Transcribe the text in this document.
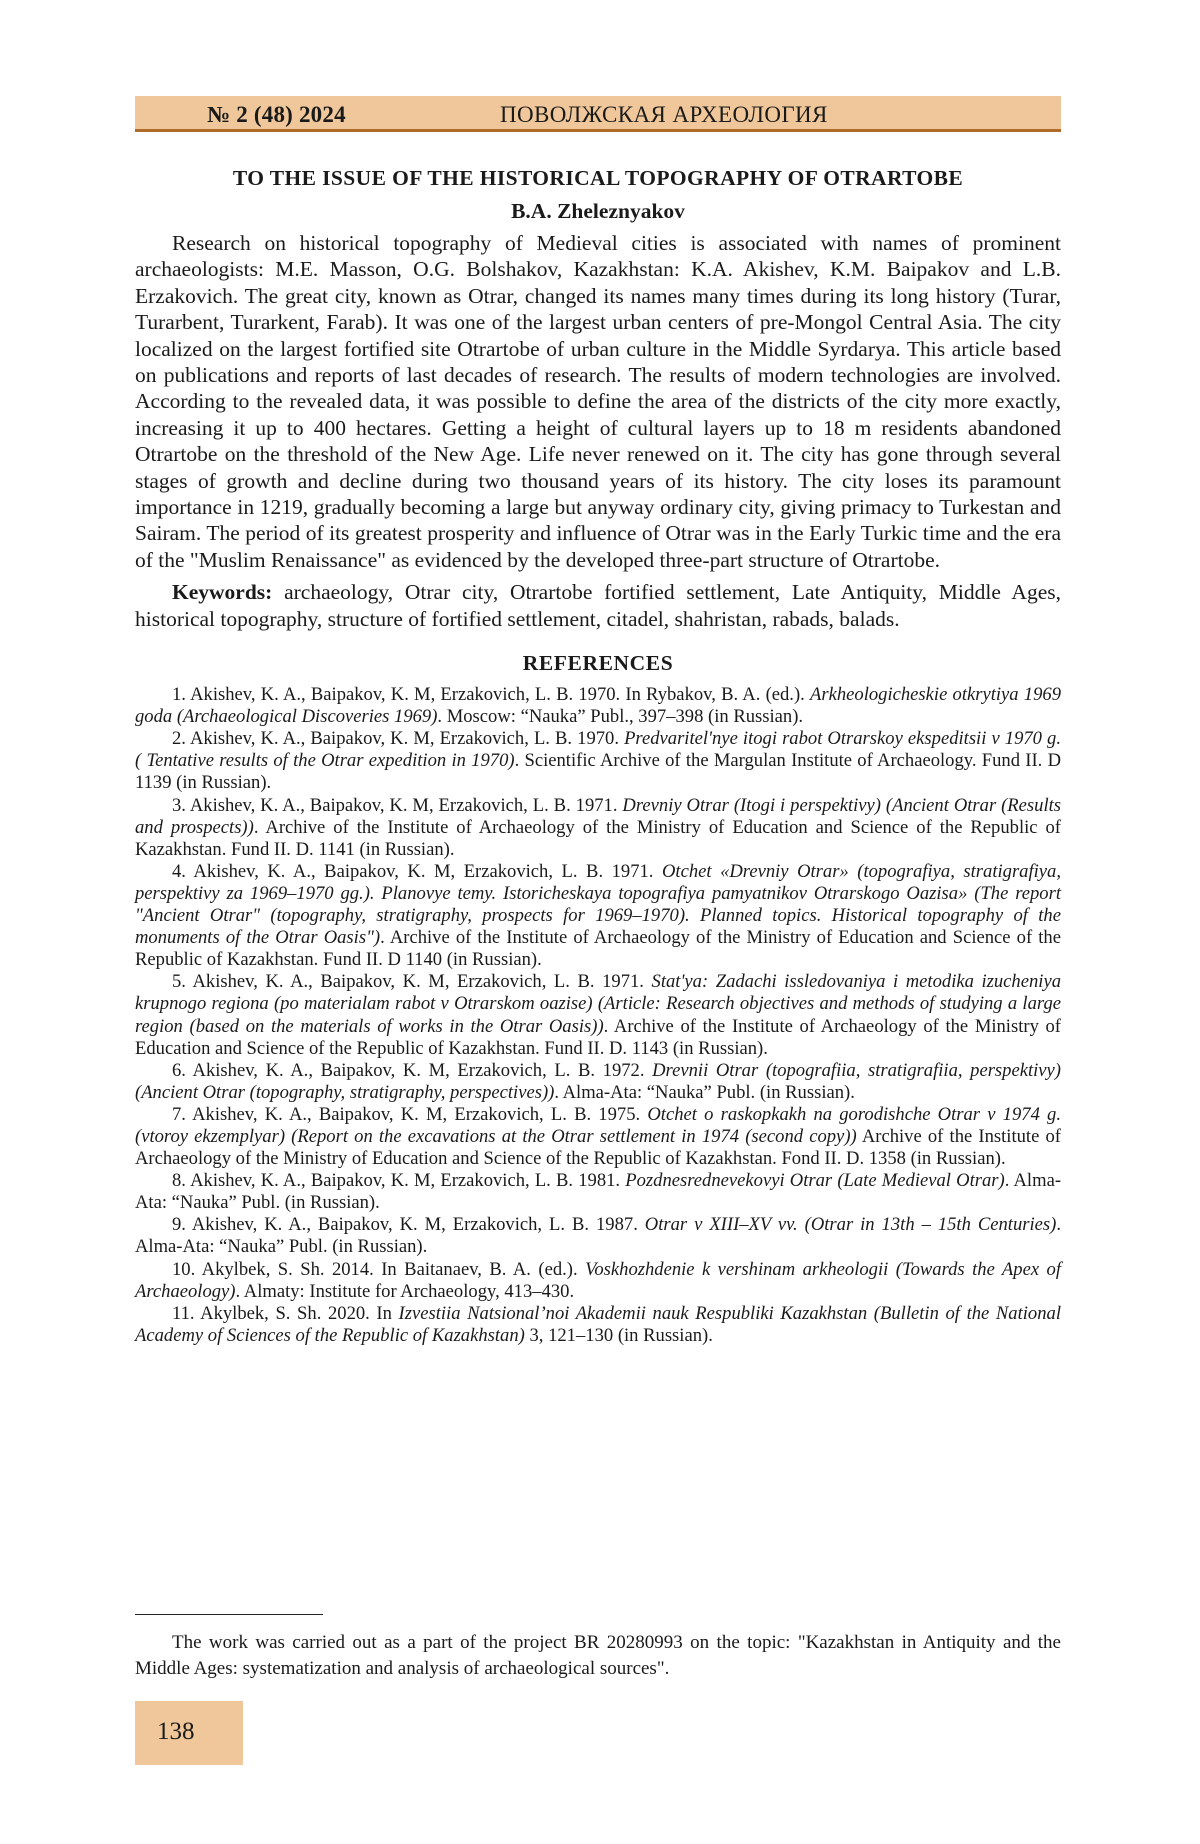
№ 2 (48) 2024	ПОВОЛЖСКАЯ АРХЕОЛОГИЯ
TO THE ISSUE OF THE HISTORICAL TOPOGRAPHY OF OTRARTOBE
B.A. Zheleznyakov

Research on historical topography of Medieval cities is associated with names of prominent archaeologists: M.E. Masson, O.G. Bolshakov, Kazakhstan: K.A. Akishev, K.M. Baipakov and L.B. Erzakovich. The great city, known as Otrar, changed its names many times during its long history (Turar, Turarbent, Turarkent, Farab). It was one of the largest urban centers of pre-Mongol Central Asia. The city localized on the largest fortified site Otrartobe of urban culture in the Middle Syrdarya. This article based on publications and reports of last decades of research. The results of modern technologies are involved. According to the revealed data, it was possible to define the area of the districts of the city more exactly, increasing it up to 400 hectares. Getting a height of cultural layers up to 18 m residents abandoned Otrartobe on the threshold of the New Age. Life never renewed on it. The city has gone through several stages of growth and decline during two thousand years of its history. The city loses its paramount importance in 1219, gradually becoming a large but anyway ordinary city, giving primacy to Turkestan and Sairam. The period of its greatest prosperity and influence of Otrar was in the Early Turkic time and the era of the "Muslim Renaissance" as evidenced by the developed three-part structure of Otrartobe.

Keywords: archaeology, Otrar city, Otrartobe fortified settlement, Late Antiquity, Middle Ages, historical topography, structure of fortified settlement, citadel, shahristan, rabads, balads.

REFERENCES

1. Akishev, K. A., Baipakov, K. M, Erzakovich, L. B. 1970. In Rybakov, B. A. (ed.). Arkheologicheskie otkrytiya 1969 goda (Archaeological Discoveries 1969). Moscow: “Nauka” Publ., 397–398 (in Russian).

2. Akishev, K. A., Baipakov, K. M, Erzakovich, L. B. 1970. Predvaritel'nye itogi rabot Otrarskoy ekspeditsii v 1970 g. ( Tentative results of the Otrar expedition in 1970). Scientific Archive of the Margulan Institute of Archaeology. Fund II. D 1139 (in Russian).

3. Akishev, K. A., Baipakov, K. M, Erzakovich, L. B. 1971. Drevniy Otrar (Itogi i perspektivy) (Ancient Otrar (Results and prospects)). Archive of the Institute of Archaeology of the Ministry of Education and Science of the Republic of Kazakhstan. Fund II. D. 1141 (in Russian).

4. Akishev, K. A., Baipakov, K. M, Erzakovich, L. B. 1971. Otchet «Drevniy Otrar» (topografiya, stratigrafiya, perspektivy za 1969–1970 gg.). Planovye temy. Istoricheskaya topografiya pamyatnikov Otrarskogo Oazisa» (The report "Ancient Otrar" (topography, stratigraphy, prospects for 1969–1970). Planned topics. Historical topography of the monuments of the Otrar Oasis"). Archive of the Institute of Archaeology of the Ministry of Education and Science of the Republic of Kazakhstan. Fund II. D 1140 (in Russian).

5. Akishev, K. A., Baipakov, K. M, Erzakovich, L. B. 1971. Stat'ya: Zadachi issledovaniya i metodika izucheniya krupnogo regiona (po materialam rabot v Otrarskom oazise) (Article: Research objectives and methods of studying a large region (based on the materials of works in the Otrar Oasis)). Archive of the Institute of Archaeology of the Ministry of Education and Science of the Republic of Kazakhstan. Fund II. D. 1143 (in Russian).

6. Akishev, K. A., Baipakov, K. M, Erzakovich, L. B. 1972. Drevnii Otrar (topografiia, stratigrafiia, perspektivy) (Ancient Otrar (topography, stratigraphy, perspectives)). Alma-Ata: “Nauka” Publ. (in Russian).

7. Akishev, K. A., Baipakov, K. M, Erzakovich, L. B. 1975. Otchet o raskopkakh na gorodishche Otrar v 1974 g. (vtoroy ekzemplyar) (Report on the excavations at the Otrar settlement in 1974 (second copy)) Archive of the Institute of Archaeology of the Ministry of Education and Science of the Republic of Kazakhstan. Fond II. D. 1358 (in Russian).

8. Akishev, K. A., Baipakov, K. M, Erzakovich, L. B. 1981. Pozdnesrednevekovyi Otrar (Late Medieval Otrar). Alma-Ata: “Nauka” Publ. (in Russian).

9. Akishev, K. A., Baipakov, K. M, Erzakovich, L. B. 1987. Otrar v XIII–XV vv. (Otrar in 13th – 15th Centuries). Alma-Ata: “Nauka” Publ. (in Russian).

10. Akylbek, S. Sh. 2014. In Baitanaev, B. A. (ed.). Voskhozhdenie k vershinam arkheologii (Towards the Apex of Archaeology). Almaty: Institute for Archaeology, 413–430.

11. Akylbek, S. Sh. 2020. In Izvestiia Natsional’noi Akademii nauk Respubliki Kazakhstan (Bulletin of the National Academy of Sciences of the Republic of Kazakhstan) 3, 121–130 (in Russian).

The work was carried out as a part of the project BR 20280993 on the topic: "Kazakhstan in Antiquity and the Middle Ages: systematization and analysis of archaeological sources".

138
